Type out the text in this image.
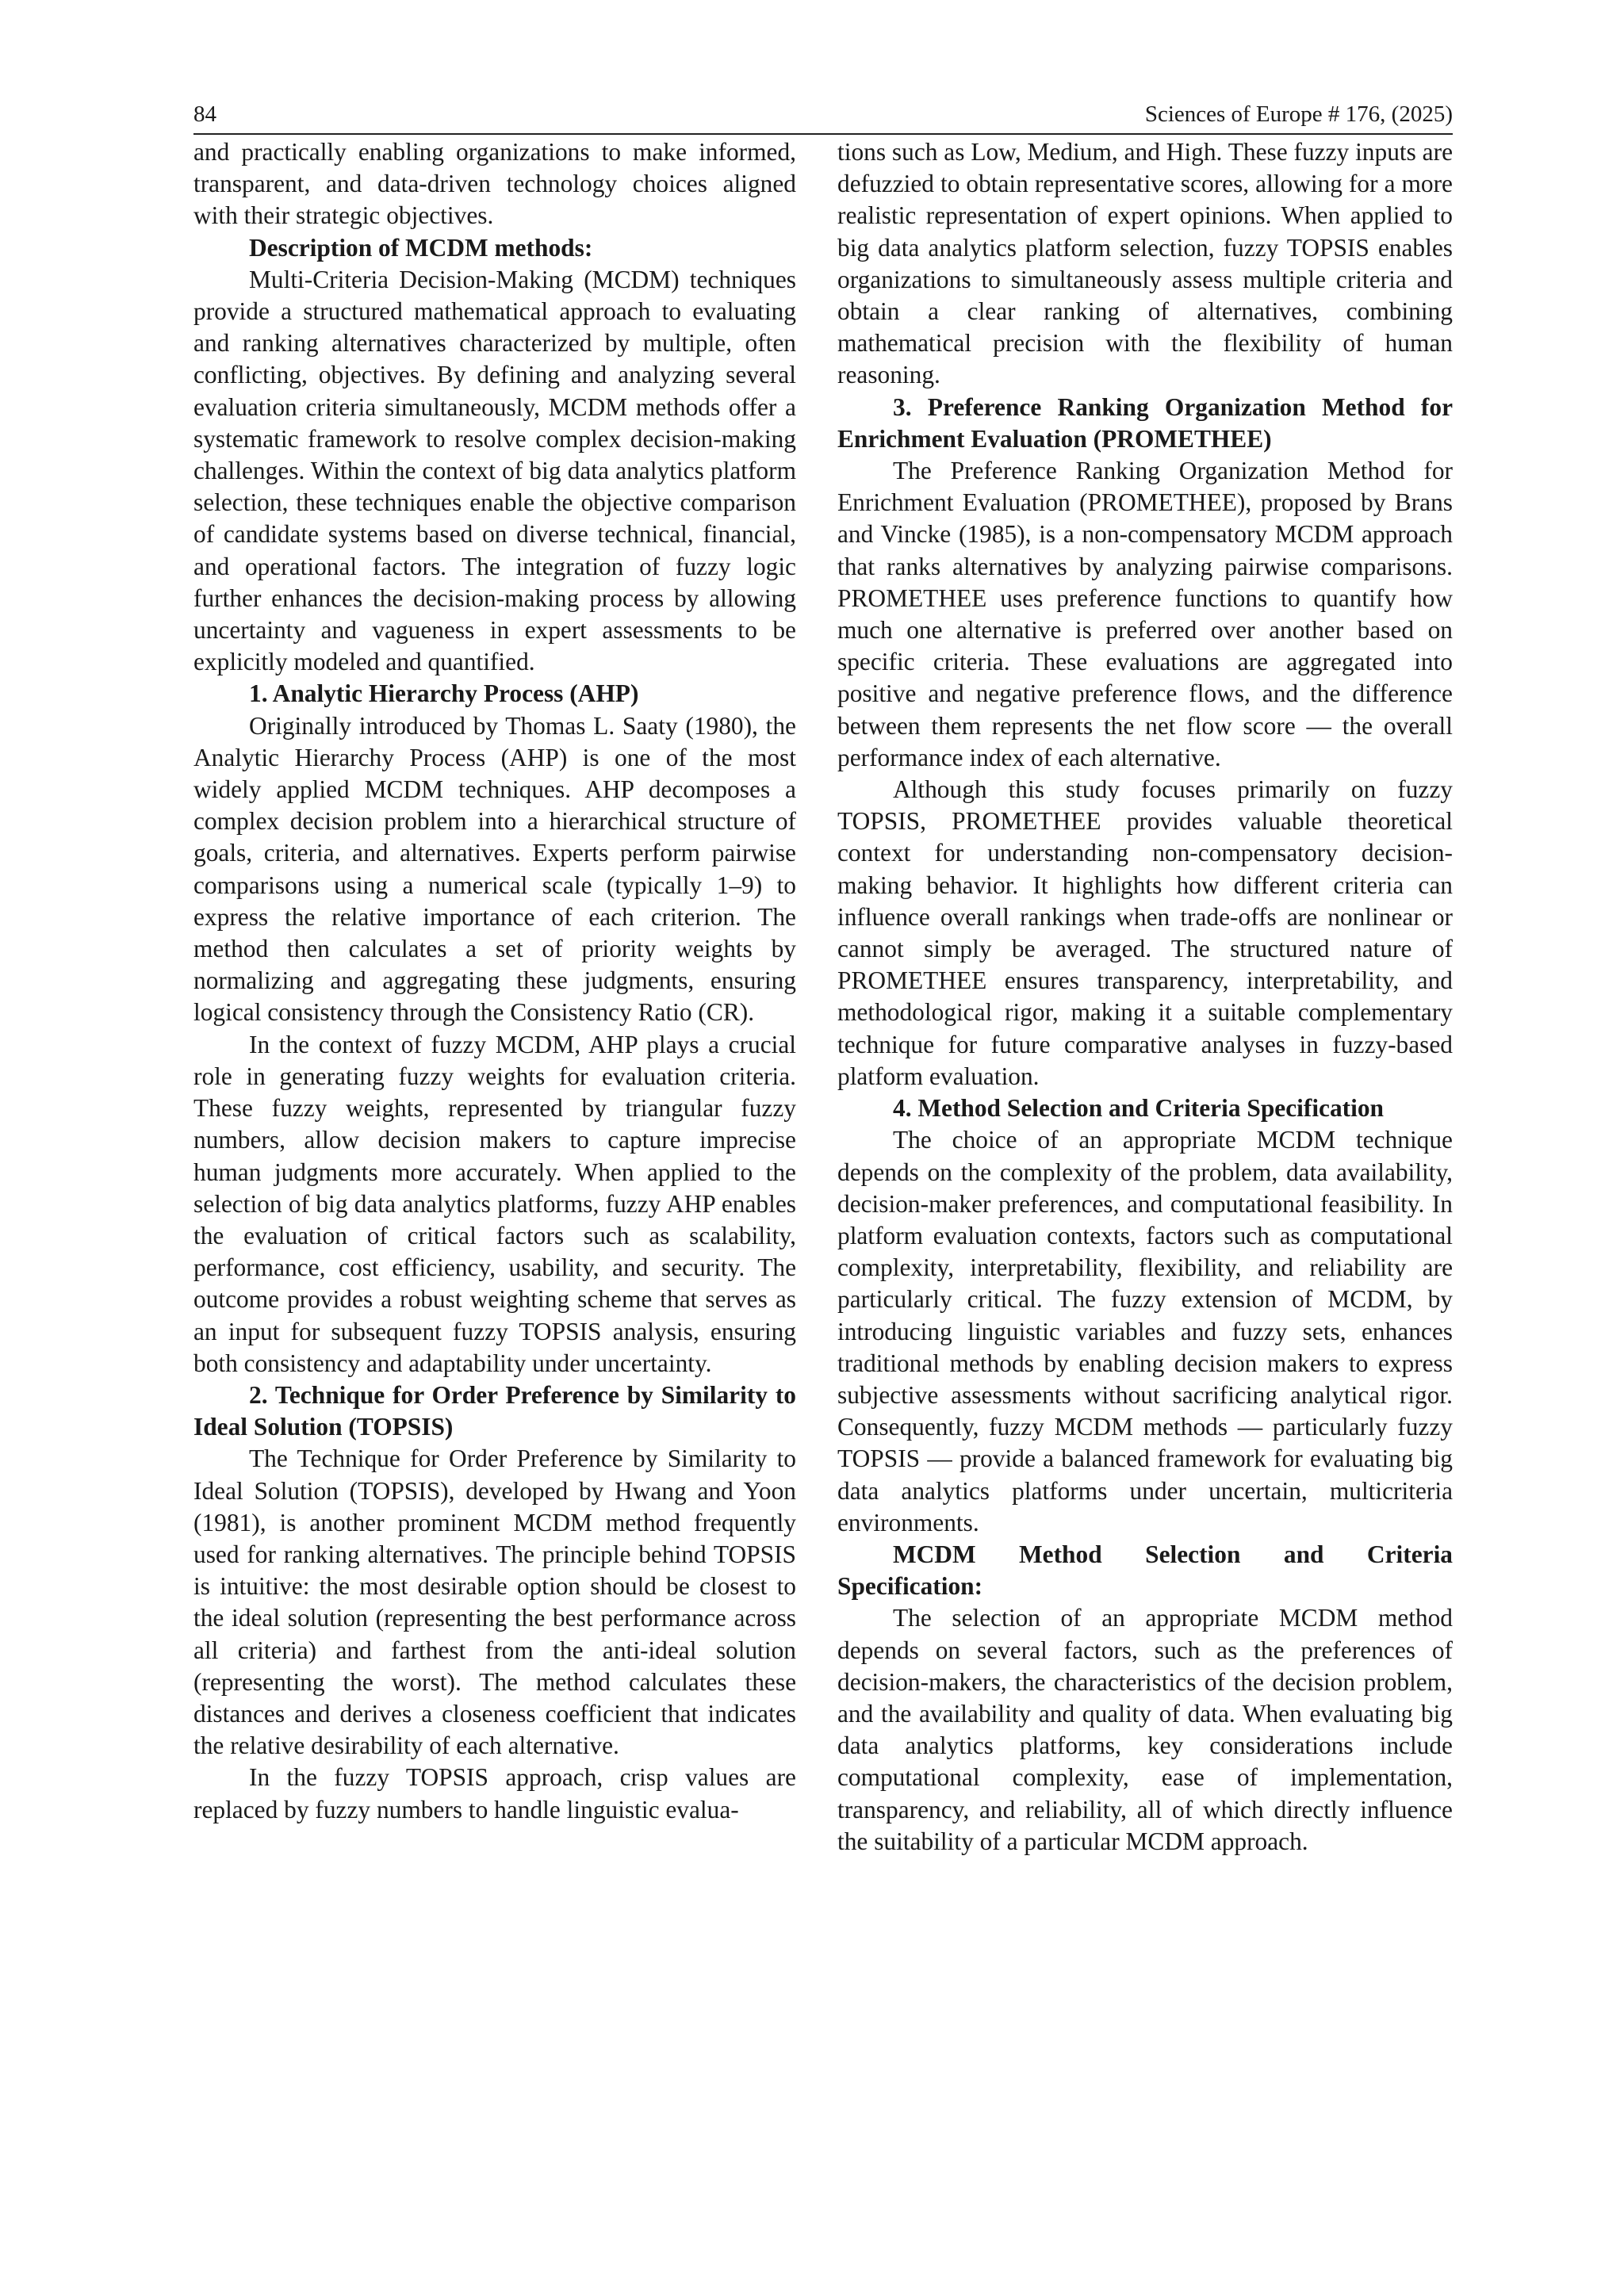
84	Sciences of Europe # 176, (2025)

and practically enabling organizations to make informed, transparent, and data-driven technology choices aligned with their strategic objectives.

Description of MCDM methods:

Multi-Criteria Decision-Making (MCDM) techniques provide a structured mathematical approach to evaluating and ranking alternatives characterized by multiple, often conflicting, objectives. By defining and analyzing several evaluation criteria simultaneously, MCDM methods offer a systematic framework to resolve complex decision-making challenges. Within the context of big data analytics platform selection, these techniques enable the objective comparison of candidate systems based on diverse technical, financial, and operational factors. The integration of fuzzy logic further enhances the decision-making process by allowing uncertainty and vagueness in expert assessments to be explicitly modeled and quantified.

1. Analytic Hierarchy Process (AHP)

Originally introduced by Thomas L. Saaty (1980), the Analytic Hierarchy Process (AHP) is one of the most widely applied MCDM techniques. AHP decomposes a complex decision problem into a hierarchical structure of goals, criteria, and alternatives. Experts perform pairwise comparisons using a numerical scale (typically 1–9) to express the relative importance of each criterion. The method then calculates a set of priority weights by normalizing and aggregating these judgments, ensuring logical consistency through the Consistency Ratio (CR).

In the context of fuzzy MCDM, AHP plays a crucial role in generating fuzzy weights for evaluation criteria. These fuzzy weights, represented by triangular fuzzy numbers, allow decision makers to capture imprecise human judgments more accurately. When applied to the selection of big data analytics platforms, fuzzy AHP enables the evaluation of critical factors such as scalability, performance, cost efficiency, usability, and security. The outcome provides a robust weighting scheme that serves as an input for subsequent fuzzy TOPSIS analysis, ensuring both consistency and adaptability under uncertainty.

2. Technique for Order Preference by Similarity to Ideal Solution (TOPSIS)

The Technique for Order Preference by Similarity to Ideal Solution (TOPSIS), developed by Hwang and Yoon (1981), is another prominent MCDM method frequently used for ranking alternatives. The principle behind TOPSIS is intuitive: the most desirable option should be closest to the ideal solution (representing the best performance across all criteria) and farthest from the anti-ideal solution (representing the worst). The method calculates these distances and derives a closeness coefficient that indicates the relative desirability of each alternative.

In the fuzzy TOPSIS approach, crisp values are replaced by fuzzy numbers to handle linguistic evalua-

tions such as Low, Medium, and High. These fuzzy inputs are defuzzied to obtain representative scores, allowing for a more realistic representation of expert opinions. When applied to big data analytics platform selection, fuzzy TOPSIS enables organizations to simultaneously assess multiple criteria and obtain a clear ranking of alternatives, combining mathematical precision with the flexibility of human reasoning.

3. Preference Ranking Organization Method for Enrichment Evaluation (PROMETHEE)

The Preference Ranking Organization Method for Enrichment Evaluation (PROMETHEE), proposed by Brans and Vincke (1985), is a non-compensatory MCDM approach that ranks alternatives by analyzing pairwise comparisons. PROMETHEE uses preference functions to quantify how much one alternative is preferred over another based on specific criteria. These evaluations are aggregated into positive and negative preference flows, and the difference between them represents the net flow score — the overall performance index of each alternative.

Although this study focuses primarily on fuzzy TOPSIS, PROMETHEE provides valuable theoretical context for understanding non-compensatory decision-making behavior. It highlights how different criteria can influence overall rankings when trade-offs are nonlinear or cannot simply be averaged. The structured nature of PROMETHEE ensures transparency, interpretability, and methodological rigor, making it a suitable complementary technique for future comparative analyses in fuzzy-based platform evaluation.

4. Method Selection and Criteria Specification

The choice of an appropriate MCDM technique depends on the complexity of the problem, data availability, decision-maker preferences, and computational feasibility. In platform evaluation contexts, factors such as computational complexity, interpretability, flexibility, and reliability are particularly critical. The fuzzy extension of MCDM, by introducing linguistic variables and fuzzy sets, enhances traditional methods by enabling decision makers to express subjective assessments without sacrificing analytical rigor. Consequently, fuzzy MCDM methods — particularly fuzzy TOPSIS — provide a balanced framework for evaluating big data analytics platforms under uncertain, multicriteria environments.

MCDM Method Selection and Criteria Specification:

The selection of an appropriate MCDM method depends on several factors, such as the preferences of decision-makers, the characteristics of the decision problem, and the availability and quality of data. When evaluating big data analytics platforms, key considerations include computational complexity, ease of implementation, transparency, and reliability, all of which directly influence the suitability of a particular MCDM approach.
